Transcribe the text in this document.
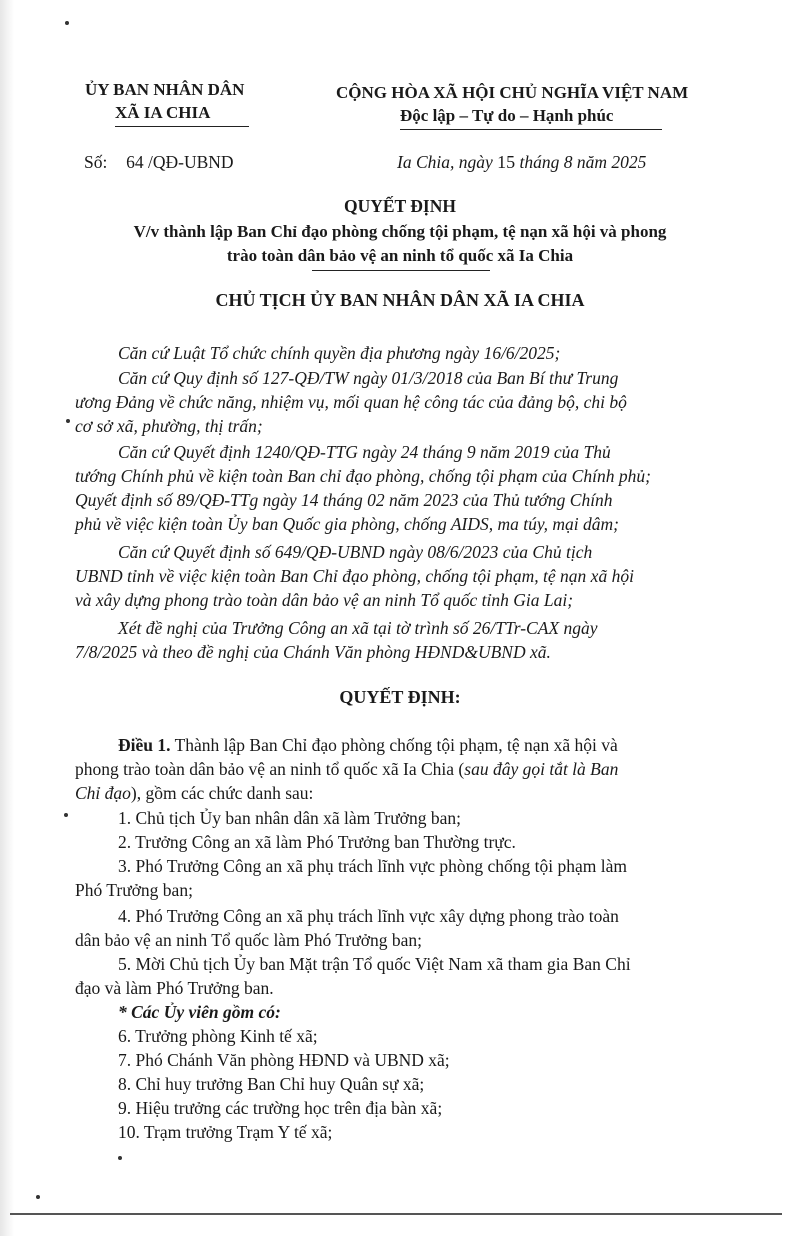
ỦY BAN NHÂN DÂN
XÃ IA CHIA
CỘNG HÒA XÃ HỘI CHỦ NGHĨA VIỆT NAM
Độc lập – Tự do – Hạnh phúc
Số: 64 /QĐ-UBND	Ia Chia, ngày 15 tháng 8 năm 2025
QUYẾT ĐỊNH
V/v thành lập Ban Chỉ đạo phòng chống tội phạm, tệ nạn xã hội và phong
trào toàn dân bảo vệ an ninh tổ quốc xã Ia Chia
CHỦ TỊCH ỦY BAN NHÂN DÂN XÃ IA CHIA
Căn cứ Luật Tổ chức chính quyền địa phương ngày 16/6/2025;
Căn cứ Quy định số 127-QĐ/TW ngày 01/3/2018 của Ban Bí thư Trung
ương Đảng về chức năng, nhiệm vụ, mối quan hệ công tác của đảng bộ, chi bộ
cơ sở xã, phường, thị trấn;
Căn cứ Quyết định 1240/QĐ-TTG ngày 24 tháng 9 năm 2019 của Thủ
tướng Chính phủ về kiện toàn Ban chỉ đạo phòng, chống tội phạm của Chính phủ;
Quyết định số 89/QĐ-TTg ngày 14 tháng 02 năm 2023 của Thủ tướng Chính
phủ về việc kiện toàn Ủy ban Quốc gia phòng, chống AIDS, ma túy, mại dâm;
Căn cứ Quyết định số 649/QĐ-UBND ngày 08/6/2023 của Chủ tịch
UBND tỉnh về việc kiện toàn Ban Chỉ đạo phòng, chống tội phạm, tệ nạn xã hội
và xây dựng phong trào toàn dân bảo vệ an ninh Tổ quốc tỉnh Gia Lai;
Xét đề nghị của Trưởng Công an xã tại tờ trình số 26/TTr-CAX ngày
7/8/2025 và theo đề nghị của Chánh Văn phòng HĐND&UBND xã.
QUYẾT ĐỊNH:
Điều 1. Thành lập Ban Chỉ đạo phòng chống tội phạm, tệ nạn xã hội và
phong trào toàn dân bảo vệ an ninh tổ quốc xã Ia Chia (sau đây gọi tắt là Ban
Chỉ đạo), gồm các chức danh sau:
1. Chủ tịch Ủy ban nhân dân xã làm Trưởng ban;
2. Trưởng Công an xã làm Phó Trưởng ban Thường trực.
3. Phó Trưởng Công an xã phụ trách lĩnh vực phòng chống tội phạm làm
Phó Trưởng ban;
4. Phó Trưởng Công an xã phụ trách lĩnh vực xây dựng phong trào toàn
dân bảo vệ an ninh Tổ quốc làm Phó Trưởng ban;
5. Mời Chủ tịch Ủy ban Mặt trận Tổ quốc Việt Nam xã tham gia Ban Chỉ
đạo và làm Phó Trưởng ban.
* Các Ủy viên gồm có:
6. Trưởng phòng Kinh tế xã;
7. Phó Chánh Văn phòng HĐND và UBND xã;
8. Chỉ huy trưởng Ban Chỉ huy Quân sự xã;
9. Hiệu trưởng các trường học trên địa bàn xã;
10. Trạm trưởng Trạm Y tế xã;
